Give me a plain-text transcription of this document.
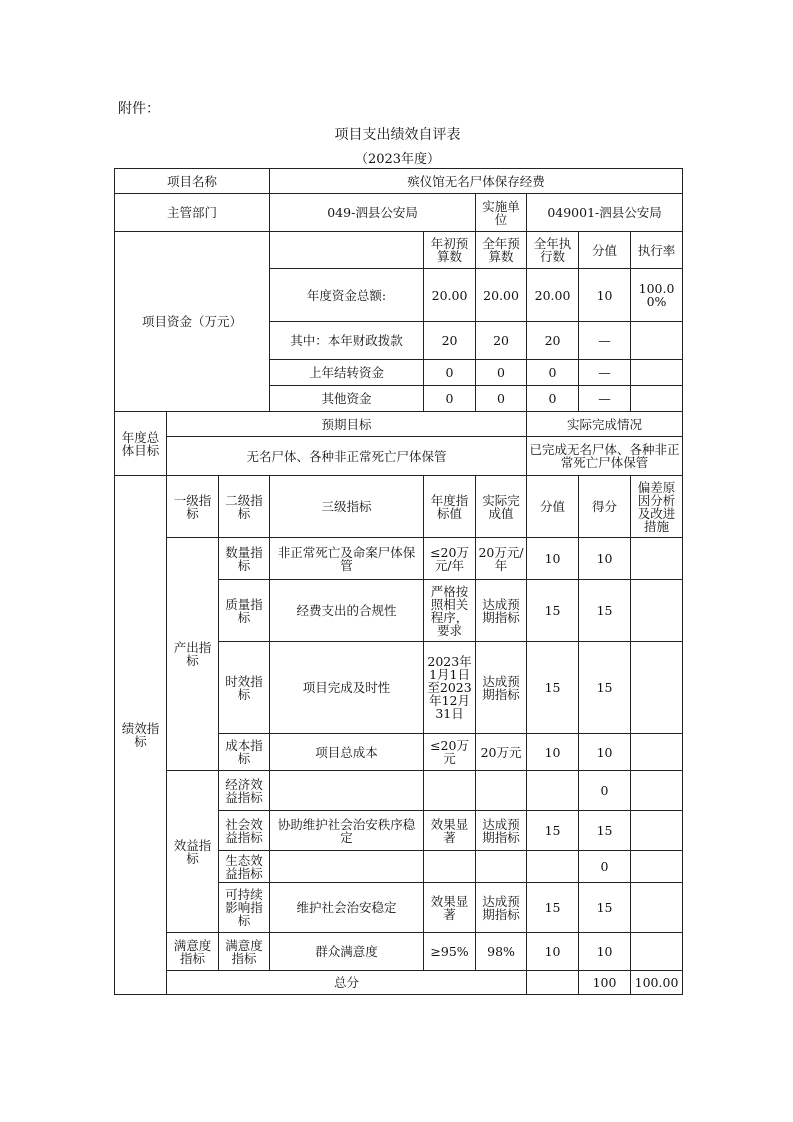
附件：
项目支出绩效自评表
（2023年度）
项目名称			殡仪馆无名尸体保存经费						
主管部门			049-泗县公安局		实施单位	049001-泗县公安局			
项目资金（万元）				年初预算数	全年预算数	全年执行数	分值	执行率	
			年度资金总额:	20.00	20.00	20.00	10	100.00%	
			其中：本年财政拨款	20	20	20	—		
			上年结转资金	0	0	0	—		
			其他资金	0	0	0	—		
年度总体目标	预期目标					实际完成情况			
	无名尸体、各种非正常死亡尸体保管					已完成无名尸体、各种非正常死亡尸体保管			
绩效指标	一级指标	二级指标	三级指标	年度指标值	实际完成值	分值	得分	偏差原因分析及改进措施	
	产出指标	数量指标	非正常死亡及命案尸体保管	≤20万元/年	20万元/年	10	10		
		质量指标	经费支出的合规性	严格按照相关程序，要求	达成预期指标	15	15		
		时效指标	项目完成及时性	2023年1月1日至2023年12月31日	达成预期指标	15	15		
		成本指标	项目总成本	≤20万元	20万元	10	10		
	效益指标	经济效益指标					0		
		社会效益指标	协助维护社会治安秩序稳定	效果显著	达成预期指标	15	15		
		生态效益指标					0		
		可持续影响指标	维护社会治安稳定	效果显著	达成预期指标	15	15		
	满意度指标	满意度指标	群众满意度	≥95%	98%	10	10		
	总分						100	100.00	
